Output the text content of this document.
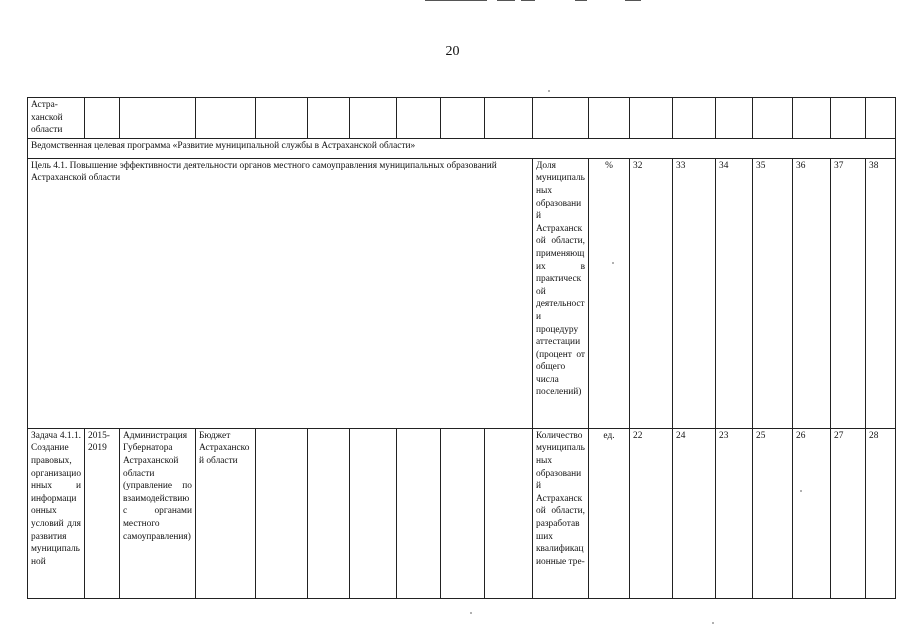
20
Астра-ханской области																		
Ведомственная целевая программа «Развитие муниципальной службы в Астраханской области»																		
Цель 4.1. Повышение эффективности деятельности органов местного самоуправления муниципальных образований Астраханской области										Доля муниципальных образований Астраханской области, применяющих в практической деятельности процедуру аттестации (процент от общего числа поселений)	%	32	33	34	35	36	37	38
Задача 4.1.1. Создание правовых, организационных и информационных условий для развития муниципальной	2015-2019	Администрация Губернатора Астраханской области (управление по взаимодействию с органами местного самоуправления)	Бюджет Астраханской области							Количество муниципальных образований Астраханской области, разработавших квалификационные тре-	ед.	22	24	23	25	26	27	28
